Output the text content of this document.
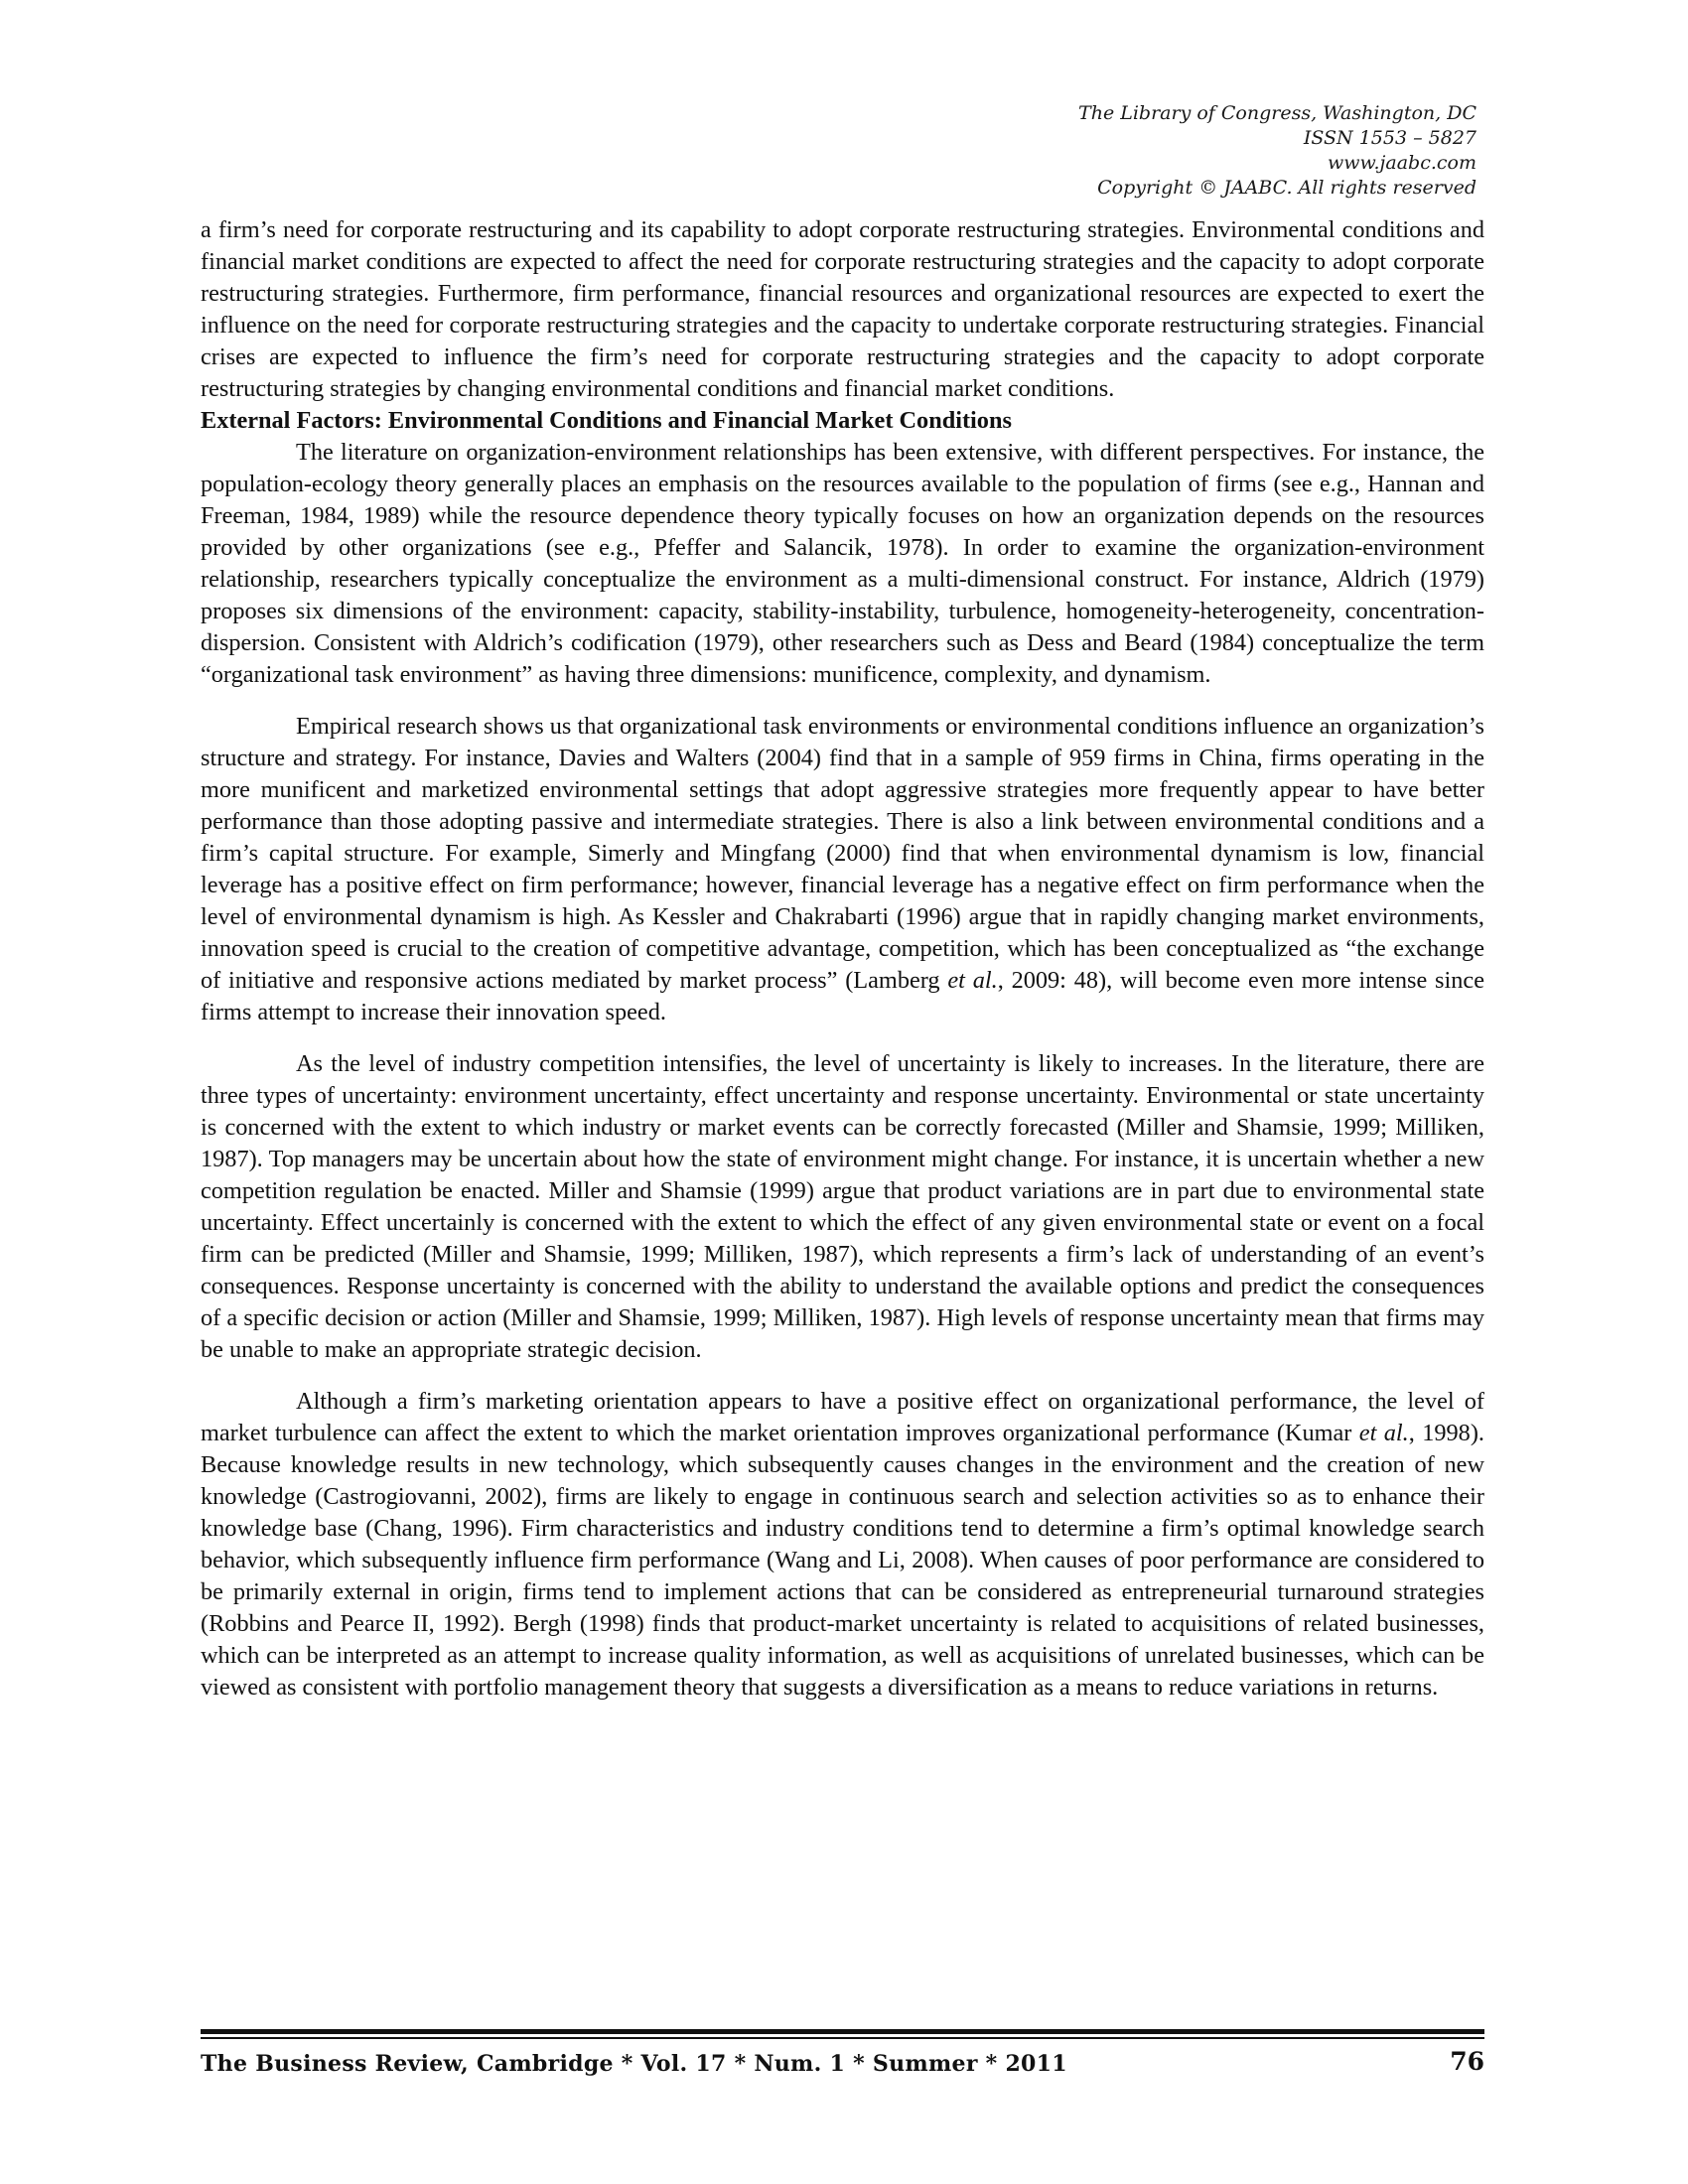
The Library of Congress, Washington, DC
ISSN 1553 – 5827
www.jaabc.com
Copyright © JAABC. All rights reserved

a firm’s need for corporate restructuring and its capability to adopt corporate restructuring strategies. Environmental conditions and financial market conditions are expected to affect the need for corporate restructuring strategies and the capacity to adopt corporate restructuring strategies. Furthermore, firm performance, financial resources and organizational resources are expected to exert the influence on the need for corporate restructuring strategies and the capacity to undertake corporate restructuring strategies. Financial crises are expected to influence the firm’s need for corporate restructuring strategies and the capacity to adopt corporate restructuring strategies by changing environmental conditions and financial market conditions.

External Factors: Environmental Conditions and Financial Market Conditions

The literature on organization-environment relationships has been extensive, with different perspectives. For instance, the population-ecology theory generally places an emphasis on the resources available to the population of firms (see e.g., Hannan and Freeman, 1984, 1989) while the resource dependence theory typically focuses on how an organization depends on the resources provided by other organizations (see e.g., Pfeffer and Salancik, 1978). In order to examine the organization-environment relationship, researchers typically conceptualize the environment as a multi-dimensional construct. For instance, Aldrich (1979) proposes six dimensions of the environment: capacity, stability-instability, turbulence, homogeneity-heterogeneity, concentration-dispersion. Consistent with Aldrich’s codification (1979), other researchers such as Dess and Beard (1984) conceptualize the term “organizational task environment” as having three dimensions: munificence, complexity, and dynamism.

Empirical research shows us that organizational task environments or environmental conditions influence an organization’s structure and strategy. For instance, Davies and Walters (2004) find that in a sample of 959 firms in China, firms operating in the more munificent and marketized environmental settings that adopt aggressive strategies more frequently appear to have better performance than those adopting passive and intermediate strategies. There is also a link between environmental conditions and a firm’s capital structure. For example, Simerly and Mingfang (2000) find that when environmental dynamism is low, financial leverage has a positive effect on firm performance; however, financial leverage has a negative effect on firm performance when the level of environmental dynamism is high. As Kessler and Chakrabarti (1996) argue that in rapidly changing market environments, innovation speed is crucial to the creation of competitive advantage, competition, which has been conceptualized as “the exchange of initiative and responsive actions mediated by market process” (Lamberg et al., 2009: 48), will become even more intense since firms attempt to increase their innovation speed.

As the level of industry competition intensifies, the level of uncertainty is likely to increases. In the literature, there are three types of uncertainty: environment uncertainty, effect uncertainty and response uncertainty. Environmental or state uncertainty is concerned with the extent to which industry or market events can be correctly forecasted (Miller and Shamsie, 1999; Milliken, 1987). Top managers may be uncertain about how the state of environment might change. For instance, it is uncertain whether a new competition regulation be enacted. Miller and Shamsie (1999) argue that product variations are in part due to environmental state uncertainty. Effect uncertainly is concerned with the extent to which the effect of any given environmental state or event on a focal firm can be predicted (Miller and Shamsie, 1999; Milliken, 1987), which represents a firm’s lack of understanding of an event’s consequences. Response uncertainty is concerned with the ability to understand the available options and predict the consequences of a specific decision or action (Miller and Shamsie, 1999; Milliken, 1987). High levels of response uncertainty mean that firms may be unable to make an appropriate strategic decision.

Although a firm’s marketing orientation appears to have a positive effect on organizational performance, the level of market turbulence can affect the extent to which the market orientation improves organizational performance (Kumar et al., 1998). Because knowledge results in new technology, which subsequently causes changes in the environment and the creation of new knowledge (Castrogiovanni, 2002), firms are likely to engage in continuous search and selection activities so as to enhance their knowledge base (Chang, 1996). Firm characteristics and industry conditions tend to determine a firm’s optimal knowledge search behavior, which subsequently influence firm performance (Wang and Li, 2008). When causes of poor performance are considered to be primarily external in origin, firms tend to implement actions that can be considered as entrepreneurial turnaround strategies (Robbins and Pearce II, 1992). Bergh (1998) finds that product-market uncertainty is related to acquisitions of related businesses, which can be interpreted as an attempt to increase quality information, as well as acquisitions of unrelated businesses, which can be viewed as consistent with portfolio management theory that suggests a diversification as a means to reduce variations in returns.

The Business Review, Cambridge * Vol. 17 * Num. 1 * Summer * 2011	76
